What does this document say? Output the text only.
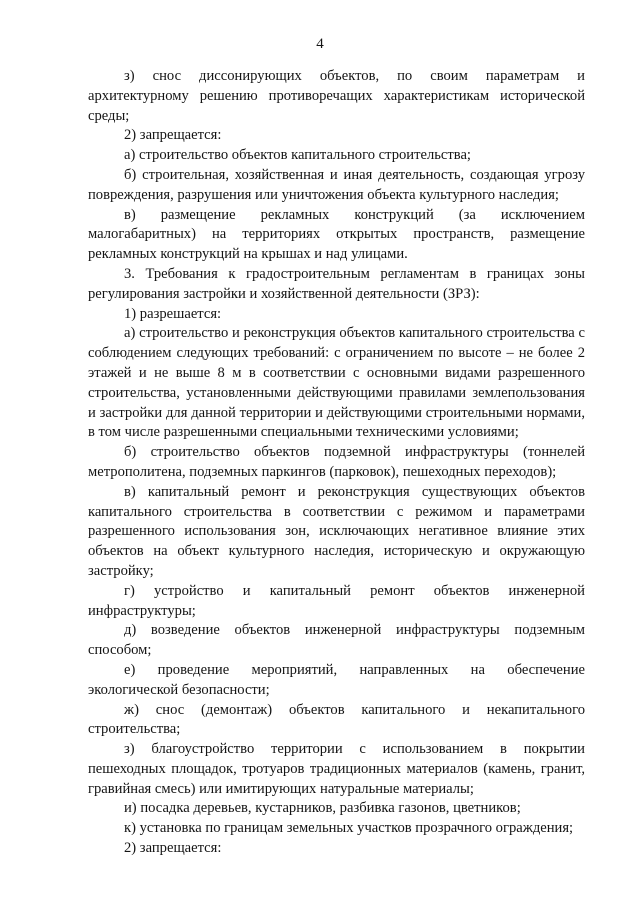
4

з) снос диссонирующих объектов, по своим параметрам и архитектурному решению противоречащих характеристикам исторической среды;

2) запрещается:

а) строительство объектов капитального строительства;

б) строительная, хозяйственная и иная деятельность, создающая угрозу повреждения, разрушения или уничтожения объекта культурного наследия;

в) размещение рекламных конструкций (за исключением малогабаритных) на территориях открытых пространств, размещение рекламных конструкций на крышах и над улицами.

3. Требования к градостроительным регламентам в границах зоны регулирования застройки и хозяйственной деятельности (ЗРЗ):

1) разрешается:

а) строительство и реконструкция объектов капитального строительства с соблюдением следующих требований: с ограничением по высоте – не более 2 этажей и не выше 8 м в соответствии с основными видами разрешенного строительства, установленными действующими правилами землепользования и застройки для данной территории и действующими строительными нормами, в том числе разрешенными специальными техническими условиями;

б) строительство объектов подземной инфраструктуры (тоннелей метрополитена, подземных паркингов (парковок), пешеходных переходов);

в) капитальный ремонт и реконструкция существующих объектов капитального строительства в соответствии с режимом и параметрами разрешенного использования зон, исключающих негативное влияние этих объектов на объект культурного наследия, историческую и окружающую застройку;

г) устройство и капитальный ремонт объектов инженерной инфраструктуры;

д) возведение объектов инженерной инфраструктуры подземным способом;

е) проведение мероприятий, направленных на обеспечение экологической безопасности;

ж) снос (демонтаж) объектов капитального и некапитального строительства;

з) благоустройство территории с использованием в покрытии пешеходных площадок, тротуаров традиционных материалов (камень, гранит, гравийная смесь) или имитирующих натуральные материалы;

и) посадка деревьев, кустарников, разбивка газонов, цветников;

к) установка по границам земельных участков прозрачного ограждения;

2) запрещается:
